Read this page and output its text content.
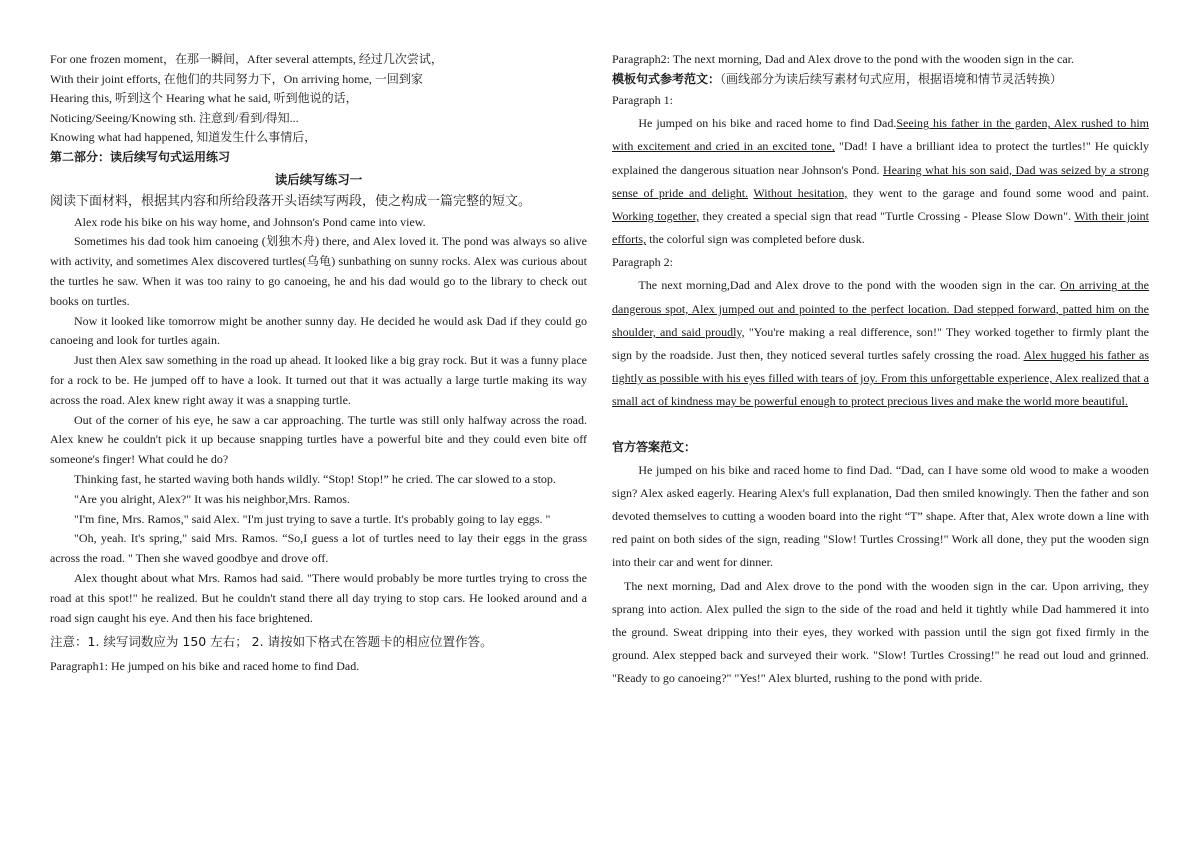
For one frozen moment，在那一瞬间，After several attempts, 经过几次尝试，
With their joint efforts, 在他们的共同努力下，On arriving home, 一回到家
Hearing this, 听到这个 Hearing what he said, 听到他说的话，
Noticing/Seeing/Knowing sth. 注意到/看到/得知...
Knowing what had happened, 知道发生什么事情后，
第二部分：读后续写句式运用练习
读后续写练习一
阅读下面材料，根据其内容和所给段落开头语续写两段，使之构成一篇完整的短文。

Alex rode his bike on his way home, and Johnson's Pond came into view.

Sometimes his dad took him canoeing (划独木舟) there, and Alex loved it. The pond was always so alive with activity, and sometimes Alex discovered turtles(乌龟) sunbathing on sunny rocks. Alex was curious about the turtles he saw. When it was too rainy to go canoeing, he and his dad would go to the library to check out books on turtles.

Now it looked like tomorrow might be another sunny day. He decided he would ask Dad if they could go canoeing and look for turtles again.

Just then Alex saw something in the road up ahead. It looked like a big gray rock. But it was a funny place for a rock to be. He jumped off to have a look. It turned out that it was actually a large turtle making its way across the road. Alex knew right away it was a snapping turtle.

Out of the corner of his eye, he saw a car approaching. The turtle was still only halfway across the road. Alex knew he couldn't pick it up because snapping turtles have a powerful bite and they could even bite off someone's finger! What could he do?

Thinking fast, he started waving both hands wildly. “Stop! Stop!” he cried. The car slowed to a stop.

"Are you alright, Alex?" It was his neighbor,Mrs. Ramos.

"I'm fine, Mrs. Ramos," said Alex. "I'm just trying to save a turtle. It's probably going to lay eggs. "

"Oh, yeah. It's spring," said Mrs. Ramos. “So,I guess a lot of turtles need to lay their eggs in the grass across the road. " Then she waved goodbye and drove off.

Alex thought about what Mrs. Ramos had said. "There would probably be more turtles trying to cross the road at this spot!" he realized. But he couldn't stand there all day trying to stop cars. He looked around and a road sign caught his eye. And then his face brightened.

注意：1. 续写词数应为 150 左右； 2. 请按如下格式在答题卡的相应位置作答。
Paragraph1: He jumped on his bike and raced home to find Dad.
Paragraph2: The next morning, Dad and Alex drove to the pond with the wooden sign in the car.
模板句式参考范文：（画线部分为读后续写素材句式应用，根据语境和情节灵活转换）
Paragraph 1:

He jumped on his bike and raced home to find Dad.Seeing his father in the garden, Alex rushed to him with excitement and cried in an excited tone, "Dad! I have a brilliant idea to protect the turtles!" He quickly explained the dangerous situation near Johnson's Pond. Hearing what his son said, Dad was seized by a strong sense of pride and delight. Without hesitation, they went to the garage and found some wood and paint. Working together, they created a special sign that read "Turtle Crossing - Please Slow Down". With their joint efforts, the colorful sign was completed before dusk.

Paragraph 2:

The next morning,Dad and Alex drove to the pond with the wooden sign in the car. On arriving at the dangerous spot, Alex jumped out and pointed to the perfect location. Dad stepped forward, patted him on the shoulder, and said proudly, "You're making a real difference, son!" They worked together to firmly plant the sign by the roadside. Just then, they noticed several turtles safely crossing the road. Alex hugged his father as tightly as possible with his eyes filled with tears of joy. From this unforgettable experience, Alex realized that a small act of kindness may be powerful enough to protect precious lives and make the world more beautiful.

官方答案范文：

He jumped on his bike and raced home to find Dad. “Dad, can I have some old wood to make a wooden sign? Alex asked eagerly. Hearing Alex's full explanation, Dad then smiled knowingly. Then the father and son devoted themselves to cutting a wooden board into the right “T” shape. After that, Alex wrote down a line with red paint on both sides of the sign, reading "Slow! Turtles Crossing!" Work all done, they put the wooden sign into their car and went for dinner.

The next morning, Dad and Alex drove to the pond with the wooden sign in the car. Upon arriving, they sprang into action. Alex pulled the sign to the side of the road and held it tightly while Dad hammered it into the ground. Sweat dripping into their eyes, they worked with passion until the sign got fixed firmly in the ground. Alex stepped back and surveyed their work. "Slow! Turtles Crossing!" he read out loud and grinned. "Ready to go canoeing?" "Yes!" Alex blurted, rushing to the pond with pride.
